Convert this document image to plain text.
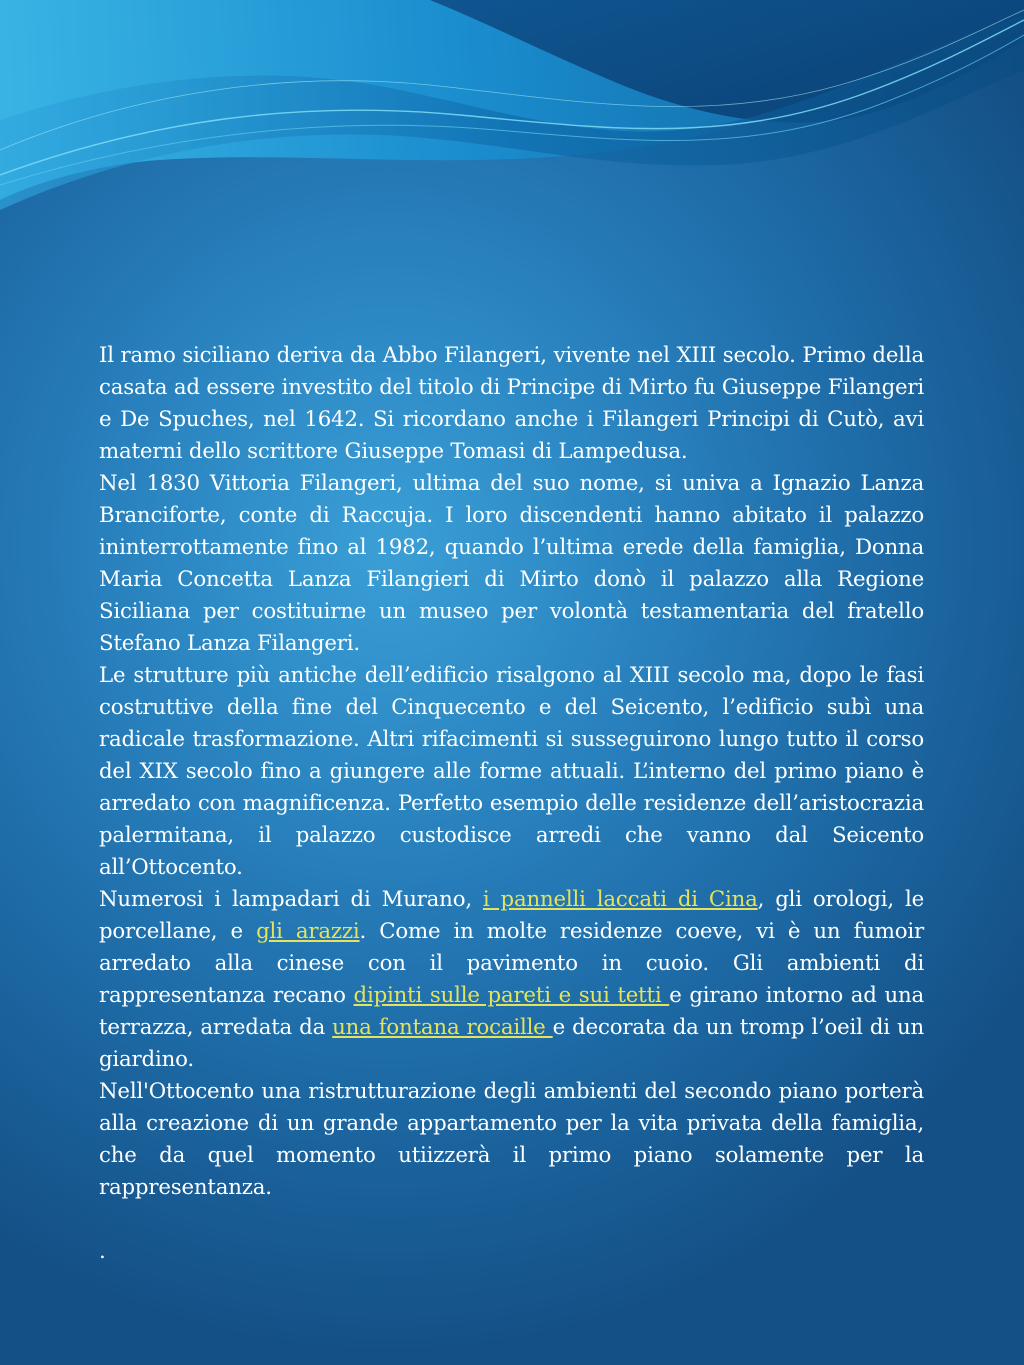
Il ramo siciliano deriva da Abbo Filangeri, vivente nel XIII secolo. Primo della casata ad essere investito del titolo di Principe di Mirto fu Giuseppe Filangeri e De Spuches, nel 1642. Si ricordano anche i Filangeri Principi di Cutò, avi materni dello scrittore Giuseppe Tomasi di Lampedusa.

Nel 1830 Vittoria Filangeri, ultima del suo nome, si univa a Ignazio Lanza Branciforte, conte di Raccuja. I loro discendenti hanno abitato il palazzo ininterrottamente fino al 1982, quando l’ultima erede della famiglia, Donna Maria Concetta Lanza Filangieri di Mirto donò il palazzo alla Regione Siciliana per costituirne un museo per volontà testamentaria del fratello Stefano Lanza Filangeri.

Le strutture più antiche dell’edificio risalgono al XIII secolo ma, dopo le fasi costruttive della fine del Cinquecento e del Seicento, l’edificio subì una radicale trasformazione. Altri rifacimenti si susseguirono lungo tutto il corso del XIX secolo fino a giungere alle forme attuali. L’interno del primo piano è arredato con magnificenza. Perfetto esempio delle residenze dell’aristocrazia palermitana, il palazzo custodisce arredi che vanno dal Seicento all’Ottocento.

Numerosi i lampadari di Murano, i pannelli laccati di Cina, gli orologi, le porcellane, e gli arazzi. Come in molte residenze coeve, vi è un fumoir arredato alla cinese con il pavimento in cuoio. Gli ambienti di rappresentanza recano dipinti sulle pareti e sui tetti e girano intorno ad una terrazza, arredata da una fontana rocaille e decorata da un tromp l’oeil di un giardino.

Nell'Ottocento una ristrutturazione degli ambienti del secondo piano porterà alla creazione di un grande appartamento per la vita privata della famiglia, che da quel momento utiizzerà il primo piano solamente per la rappresentanza.

.
